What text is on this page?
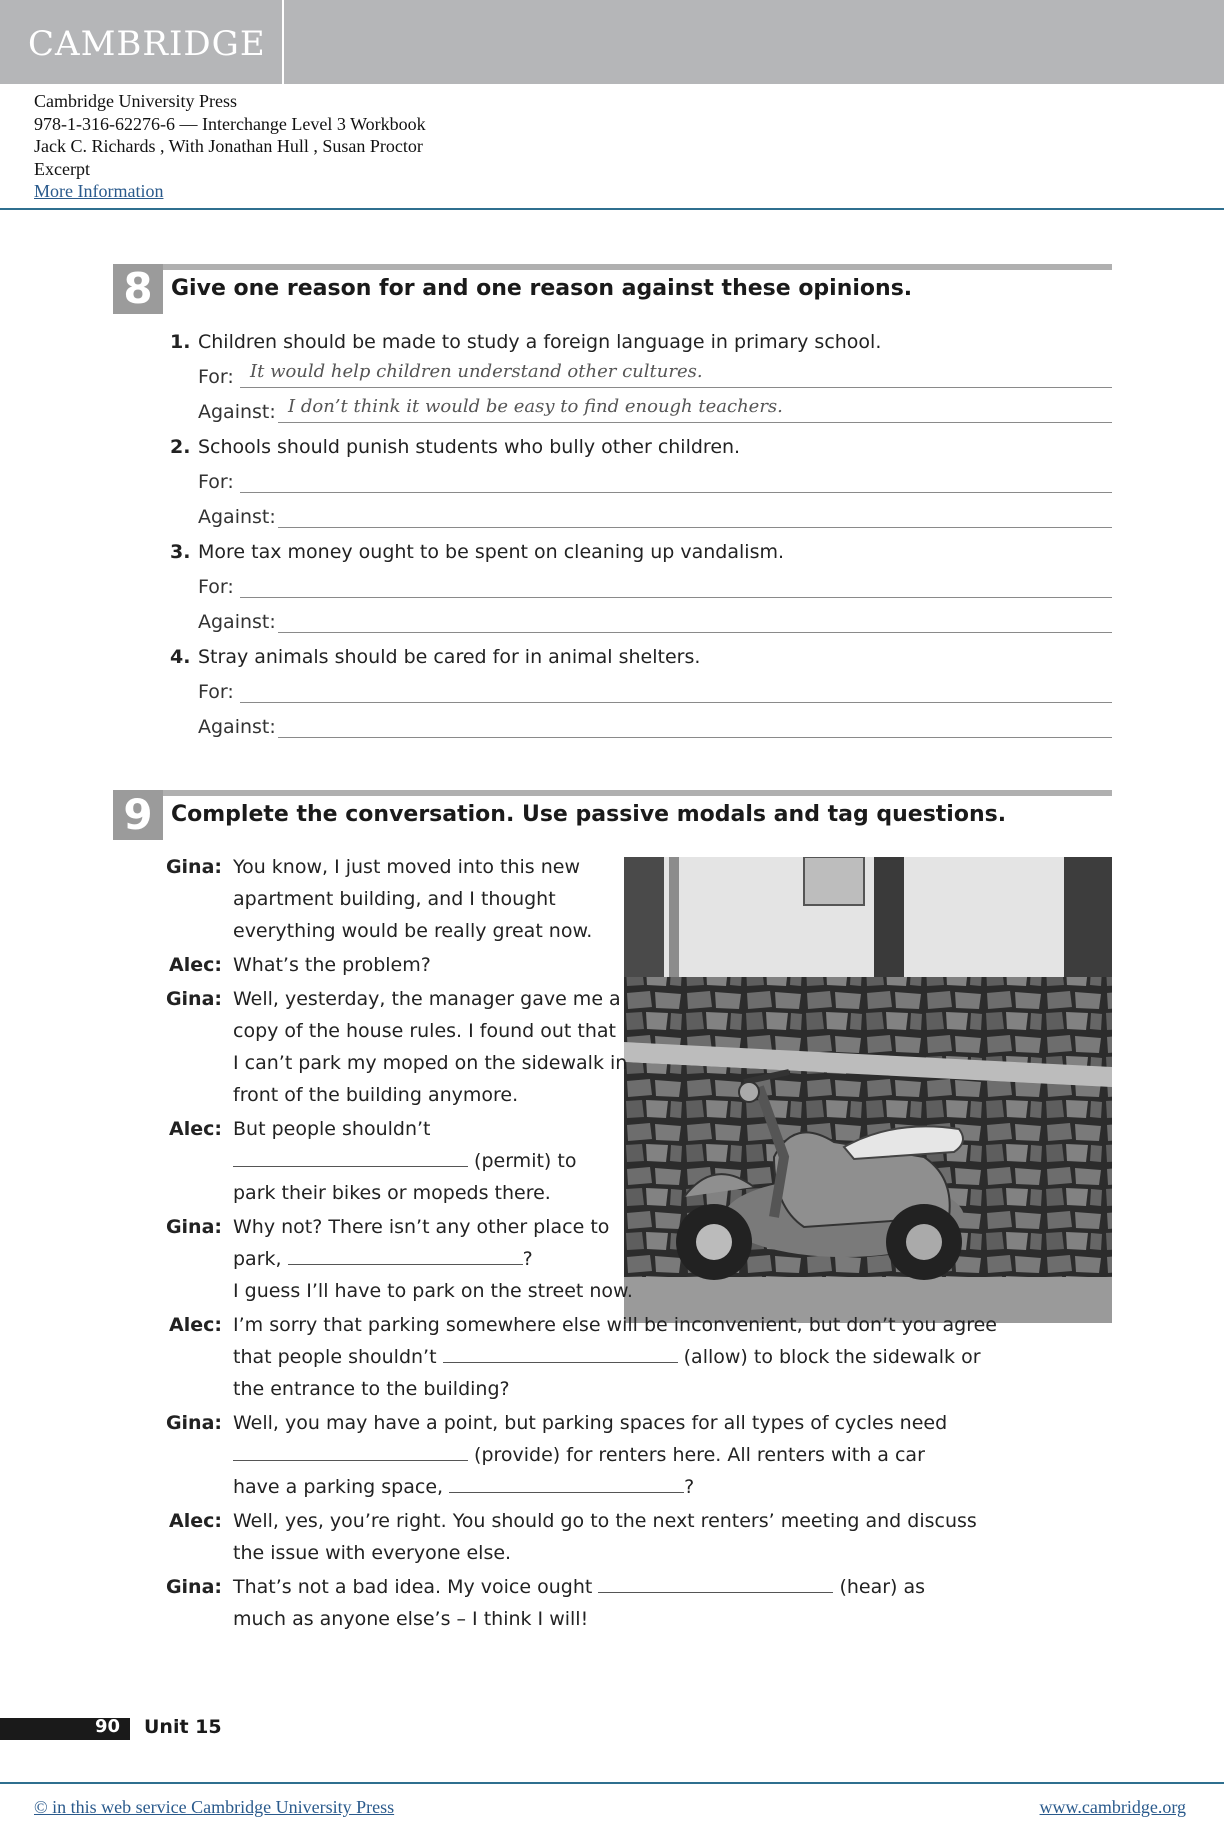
CAMBRIDGE
Cambridge University Press
978-1-316-62276-6 — Interchange Level 3 Workbook
Jack C. Richards , With Jonathan Hull , Susan Proctor
Excerpt
More Information
8 Give one reason for and one reason against these opinions.
1. Children should be made to study a foreign language in primary school.
For: It would help children understand other cultures.
Against: I don’t think it would be easy to find enough teachers.
2. Schools should punish students who bully other children.
For:
Against:
3. More tax money ought to be spent on cleaning up vandalism.
For:
Against:
4. Stray animals should be cared for in animal shelters.
For:
Against:
9 Complete the conversation. Use passive modals and tag questions.
Gina: You know, I just moved into this new
apartment building, and I thought
everything would be really great now.
Alec: What’s the problem?
Gina: Well, yesterday, the manager gave me a
copy of the house rules. I found out that
I can’t park my moped on the sidewalk in
front of the building anymore.
Alec: But people shouldn’t
(permit) to
park their bikes or mopeds there.
Gina: Why not? There isn’t any other place to
park,	?
I guess I’ll have to park on the street now.
Alec: I’m sorry that parking somewhere else will be inconvenient, but don’t you agree
that people shouldn’t	(allow) to block the sidewalk or
the entrance to the building?
Gina: Well, you may have a point, but parking spaces for all types of cycles need
(provide) for renters here. All renters with a car
have a parking space,	?
Alec: Well, yes, you’re right. You should go to the next renters’ meeting and discuss
the issue with everyone else.
Gina: That’s not a bad idea. My voice ought	(hear) as
much as anyone else’s – I think I will!
90 Unit 15
© in this web service Cambridge University Press	www.cambridge.org
